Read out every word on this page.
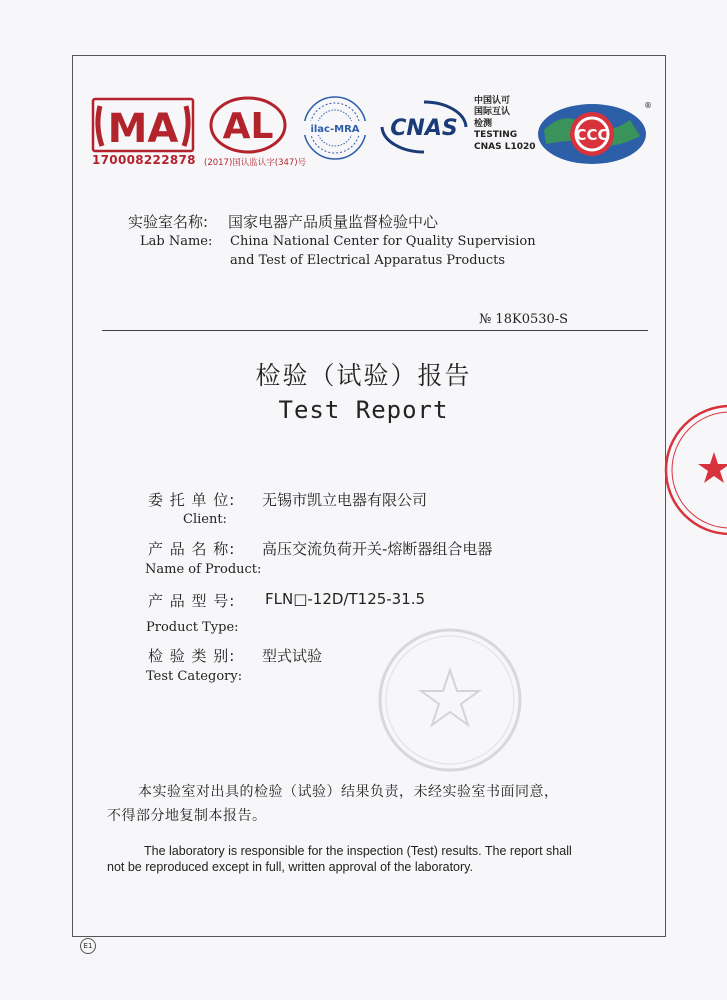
MA
170008222878
AL
(2017)国认监认字(347)号
ilac-MRA CNAS
中国认可
国际互认
检测
TESTING
CNAS L1020
CCC
®
实验室名称: 国家电器产品质量监督检验中心
Lab Name: China National Center for Quality Supervision
and Test of Electrical Apparatus Products
№ 18K0530-S
检验（试验）报告
Test Report
委 托 单 位: 无锡市凯立电器有限公司
Client:
产 品 名 称: 高压交流负荷开关-熔断器组合电器
Name of Product:
产 品 型 号: FLN□-12D/T125-31.5
Product Type:
检 验 类 别: 型式试验
Test Category:
本实验室对出具的检验（试验）结果负责，未经实验室书面同意，
不得部分地复制本报告。
The laboratory is responsible for the inspection (Test) results. The report shall
not be reproduced except in full, written approval of the laboratory.
E1
